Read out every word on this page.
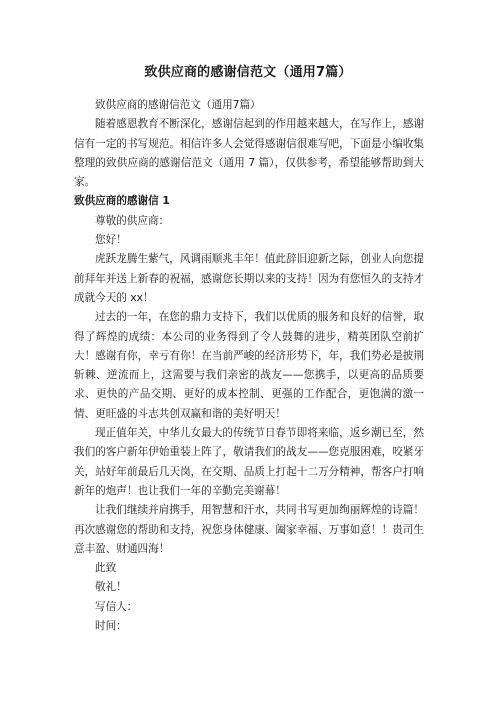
致供应商的感谢信范文（通用7篇）

致供应商的感谢信范文（通用7篇）

随着感恩教育不断深化，感谢信起到的作用越来越大，在写作上，感谢信有一定的书写规范。相信许多人会觉得感谢信很难写吧，下面是小编收集整理的致供应商的感谢信范文（通用 7 篇），仅供参考，希望能够帮助到大家。

致供应商的感谢信 1

尊敬的供应商：

您好！

虎跃龙腾生紫气，风调雨顺兆丰年！值此辞旧迎新之际，创业人向您提前拜年并送上新春的祝福，感谢您长期以来的支持！因为有您恒久的支持才成就今天的 xx！

过去的一年，在您的鼎力支持下，我们以优质的服务和良好的信誉，取得了辉煌的成绩：本公司的业务得到了令人鼓舞的进步，精英团队空前扩大！感谢有你，幸亏有你！在当前严峻的经济形势下，年，我们势必是披荆斩棘、逆流而上，这需要与我们亲密的战友——您携手，以更高的品质要求、更快的产品交期、更好的成本控制、更强的工作配合，更饱满的激一情、更旺盛的斗志共创双赢和谐的美好明天！

现正值年关，中华儿女最大的传统节日春节即将来临，返乡潮已至，然我们的客户新年伊始重装上阵了，敬请我们的战友——您克服困难，咬紧牙关，站好年前最后几天岗，在交期、品质上打起十二万分精神，帮客户打响新年的炮声！也让我们一年的辛勤完美谢幕！

让我们继续并肩携手，用智慧和汗水，共同书写更加绚丽辉煌的诗篇！再次感谢您的帮助和支持，祝您身体健康、阖家幸福、万事如意！！贵司生意丰盈、财通四海！

此致

敬礼！

写信人：

时间：
